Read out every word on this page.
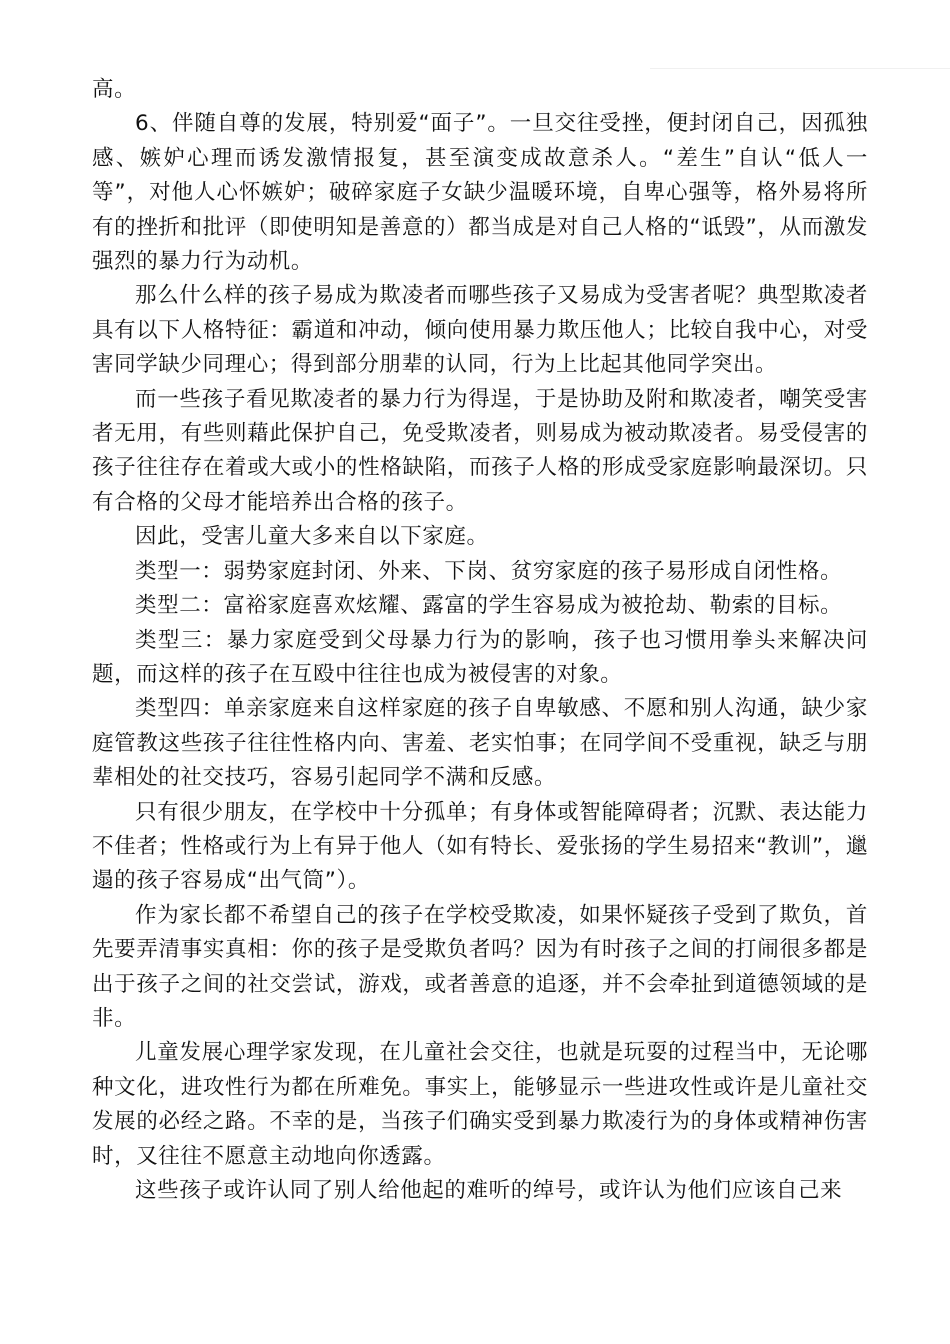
高。

6、伴随自尊的发展，特别爱“面子”。一旦交往受挫，便封闭自己，因孤独感、嫉妒心理而诱发激情报复，甚至演变成故意杀人。“差生”自认“低人一等”，对他人心怀嫉妒；破碎家庭子女缺少温暖环境，自卑心强等，格外易将所有的挫折和批评（即使明知是善意的）都当成是对自己人格的“诋毁”，从而激发强烈的暴力行为动机。

那么什么样的孩子易成为欺凌者而哪些孩子又易成为受害者呢？典型欺凌者具有以下人格特征：霸道和冲动，倾向使用暴力欺压他人；比较自我中心，对受害同学缺少同理心；得到部分朋辈的认同，行为上比起其他同学突出。

而一些孩子看见欺凌者的暴力行为得逞，于是协助及附和欺凌者，嘲笑受害者无用，有些则藉此保护自己，免受欺凌者，则易成为被动欺凌者。易受侵害的孩子往往存在着或大或小的性格缺陷，而孩子人格的形成受家庭影响最深切。只有合格的父母才能培养出合格的孩子。

因此，受害儿童大多来自以下家庭。

类型一：弱势家庭封闭、外来、下岗、贫穷家庭的孩子易形成自闭性格。

类型二：富裕家庭喜欢炫耀、露富的学生容易成为被抢劫、勒索的目标。

类型三：暴力家庭受到父母暴力行为的影响，孩子也习惯用拳头来解决问题，而这样的孩子在互殴中往往也成为被侵害的对象。

类型四：单亲家庭来自这样家庭的孩子自卑敏感、不愿和别人沟通，缺少家庭管教这些孩子往往性格内向、害羞、老实怕事；在同学间不受重视，缺乏与朋辈相处的社交技巧，容易引起同学不满和反感。

只有很少朋友，在学校中十分孤单；有身体或智能障碍者；沉默、表达能力不佳者；性格或行为上有异于他人（如有特长、爱张扬的学生易招来“教训”，邋遢的孩子容易成“出气筒”）。

作为家长都不希望自己的孩子在学校受欺凌，如果怀疑孩子受到了欺负，首先要弄清事实真相：你的孩子是受欺负者吗？因为有时孩子之间的打闹很多都是出于孩子之间的社交尝试，游戏，或者善意的追逐，并不会牵扯到道德领域的是非。

儿童发展心理学家发现，在儿童社会交往，也就是玩耍的过程当中，无论哪种文化，进攻性行为都在所难免。事实上，能够显示一些进攻性或许是儿童社交发展的必经之路。不幸的是，当孩子们确实受到暴力欺凌行为的身体或精神伤害时，又往往不愿意主动地向你透露。

这些孩子或许认同了别人给他起的难听的绰号，或许认为他们应该自己来
